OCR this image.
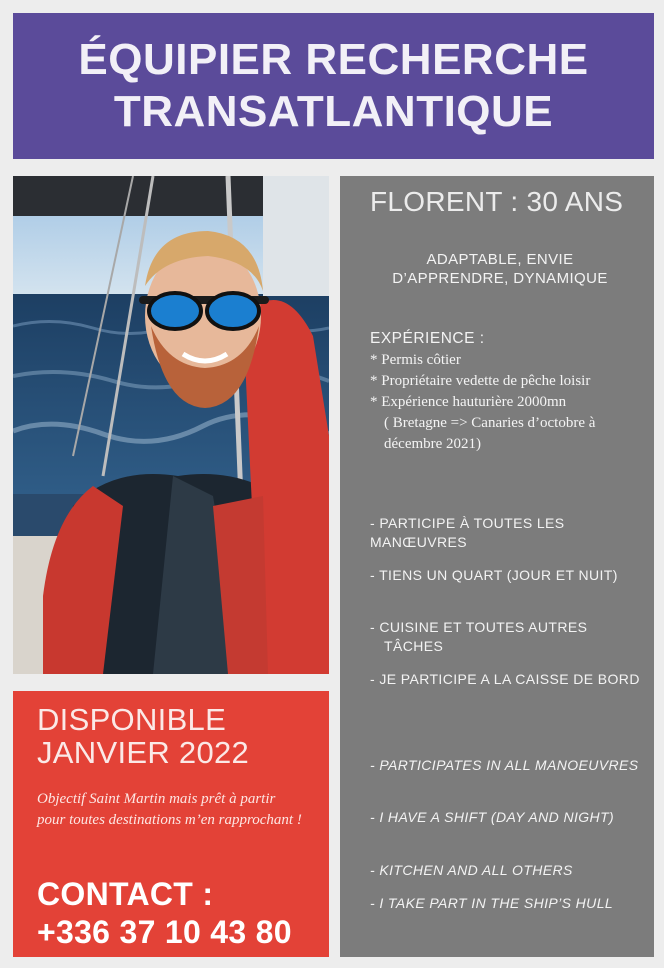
ÉQUIPIER RECHERCHE
TRANSATLANTIQUE
DISPONIBLE
JANVIER 2022
Objectif Saint Martin mais prêt à partir pour toutes destinations m’en rapprochant !
CONTACT :
+336 37 10 43 80
FLORENT : 30 ANS
ADAPTABLE, ENVIE
D’APPRENDRE, DYNAMIQUE
EXPÉRIENCE :
* Permis côtier
* Propriétaire vedette de pêche loisir
* Expérience hauturière 2000mn
( Bretagne => Canaries d’octobre à décembre 2021)
- PARTICIPE À TOUTES LES MANŒUVRES
- TIENS UN QUART (JOUR ET NUIT)
- CUISINE ET TOUTES AUTRES TÂCHES
- JE PARTICIPE A LA CAISSE DE BORD
- PARTICIPATES IN ALL MANOEUVRES
- I HAVE A SHIFT (DAY AND NIGHT)
- KITCHEN AND ALL OTHERS
- I TAKE PART IN THE SHIP’S HULL
